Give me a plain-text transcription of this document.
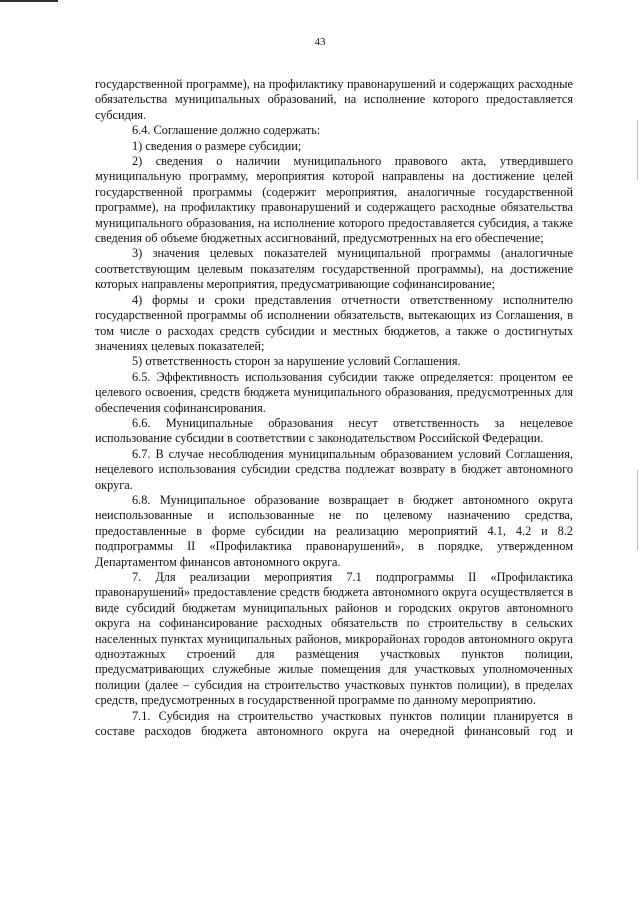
43

государственной программе), на профилактику правонарушений и содержащих расходные обязательства муниципальных образований, на исполнение которого предоставляется субсидия.

6.4. Соглашение должно содержать:

1) сведения о размере субсидии;

2) сведения о наличии муниципального правового акта, утвердившего муниципальную программу, мероприятия которой направлены на достижение целей государственной программы (содержит мероприятия, аналогичные государственной программе), на профилактику правонарушений и содержащего расходные обязательства муниципального образования, на исполнение которого предоставляется субсидия, а также сведения об объеме бюджетных ассигнований, предусмотренных на его обеспечение;

3) значения целевых показателей муниципальной программы (аналогичные соответствующим целевым показателям государственной программы), на достижение которых направлены мероприятия, предусматривающие софинансирование;

4) формы и сроки представления отчетности ответственному исполнителю государственной программы об исполнении обязательств, вытекающих из Соглашения, в том числе о расходах средств субсидии и местных бюджетов, а также о достигнутых значениях целевых показателей;

5) ответственность сторон за нарушение условий Соглашения.

6.5. Эффективность использования субсидии также определяется: процентом ее целевого освоения, средств бюджета муниципального образования, предусмотренных для обеспечения софинансирования.

6.6. Муниципальные образования несут ответственность за нецелевое использование субсидии в соответствии с законодательством Российской Федерации.

6.7. В случае несоблюдения муниципальным образованием условий Соглашения, нецелевого использования субсидии средства подлежат возврату в бюджет автономного округа.

6.8. Муниципальное образование возвращает в бюджет автономного округа неиспользованные и использованные не по целевому назначению средства, предоставленные в форме субсидии на реализацию мероприятий 4.1, 4.2 и 8.2 подпрограммы II «Профилактика правонарушений», в порядке, утвержденном Департаментом финансов автономного округа.

7. Для реализации мероприятия 7.1 подпрограммы II «Профилактика правонарушений» предоставление средств бюджета автономного округа осуществляется в виде субсидий бюджетам муниципальных районов и городских округов автономного округа на софинансирование расходных обязательств по строительству в сельских населенных пунктах муниципальных районов, микрорайонах городов автономного округа одноэтажных строений для размещения участковых пунктов полиции, предусматривающих служебные жилые помещения для участковых уполномоченных полиции (далее – субсидия на строительство участковых пунктов полиции), в пределах средств, предусмотренных в государственной программе по данному мероприятию.

7.1. Субсидия на строительство участковых пунктов полиции планируется в составе расходов бюджета автономного округа на очередной финансовый год и
